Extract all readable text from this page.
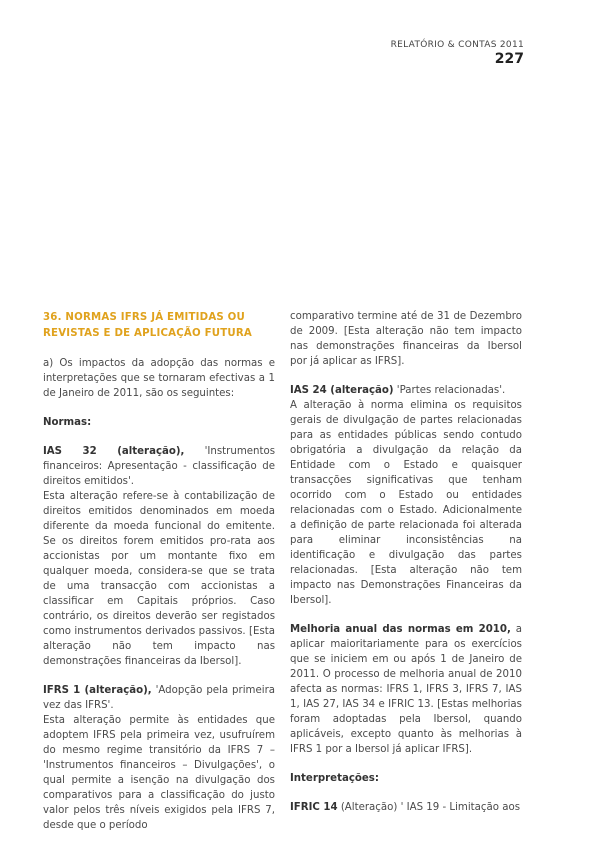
RELATÓRIO & CONTAS 2011
227
36. NORMAS IFRS JÁ EMITIDAS OU REVISTAS E DE APLICAÇÃO FUTURA

a) Os impactos da adopção das normas e interpretações que se tornaram efectivas a 1 de Janeiro de 2011, são os seguintes:

Normas:

IAS 32 (alteração), 'Instrumentos financeiros: Apresentação - classificação de direitos emitidos'.

Esta alteração refere-se à contabilização de direitos emitidos denominados em moeda diferente da moeda funcional do emitente. Se os direitos forem emitidos pro-rata aos accionistas por um montante fixo em qualquer moeda, considera-se que se trata de uma transacção com accionistas a classificar em Capitais próprios. Caso contrário, os direitos deverão ser registados como instrumentos derivados passivos. [Esta alteração não tem impacto nas demonstrações financeiras da Ibersol].

IFRS 1 (alteração), 'Adopção pela primeira vez das IFRS'.

Esta alteração permite às entidades que adoptem IFRS pela primeira vez, usufruírem do mesmo regime transitório da IFRS 7 – 'Instrumentos financeiros – Divulgações', o qual permite a isenção na divulgação dos comparativos para a classificação do justo valor pelos três níveis exigidos pela IFRS 7, desde que o período

comparativo termine até de 31 de Dezembro de 2009. [Esta alteração não tem impacto nas demonstrações financeiras da Ibersol por já aplicar as IFRS].

IAS 24 (alteração) 'Partes relacionadas'.

A alteração à norma elimina os requisitos gerais de divulgação de partes relacionadas para as entidades públicas sendo contudo obrigatória a divulgação da relação da Entidade com o Estado e quaisquer transacções significativas que tenham ocorrido com o Estado ou entidades relacionadas com o Estado. Adicionalmente a definição de parte relacionada foi alterada para eliminar inconsistências na identificação e divulgação das partes relacionadas. [Esta alteração não tem impacto nas Demonstrações Financeiras da Ibersol].

Melhoria anual das normas em 2010, a aplicar maioritariamente para os exercícios que se iniciem em ou após 1 de Janeiro de 2011. O processo de melhoria anual de 2010 afecta as normas: IFRS 1, IFRS 3, IFRS 7, IAS 1, IAS 27, IAS 34 e IFRIC 13. [Estas melhorias foram adoptadas pela Ibersol, quando aplicáveis, excepto quanto às melhorias à IFRS 1 por a Ibersol já aplicar IFRS].

Interpretações:

IFRIC 14 (Alteração) ' IAS 19 - Limitação aos
